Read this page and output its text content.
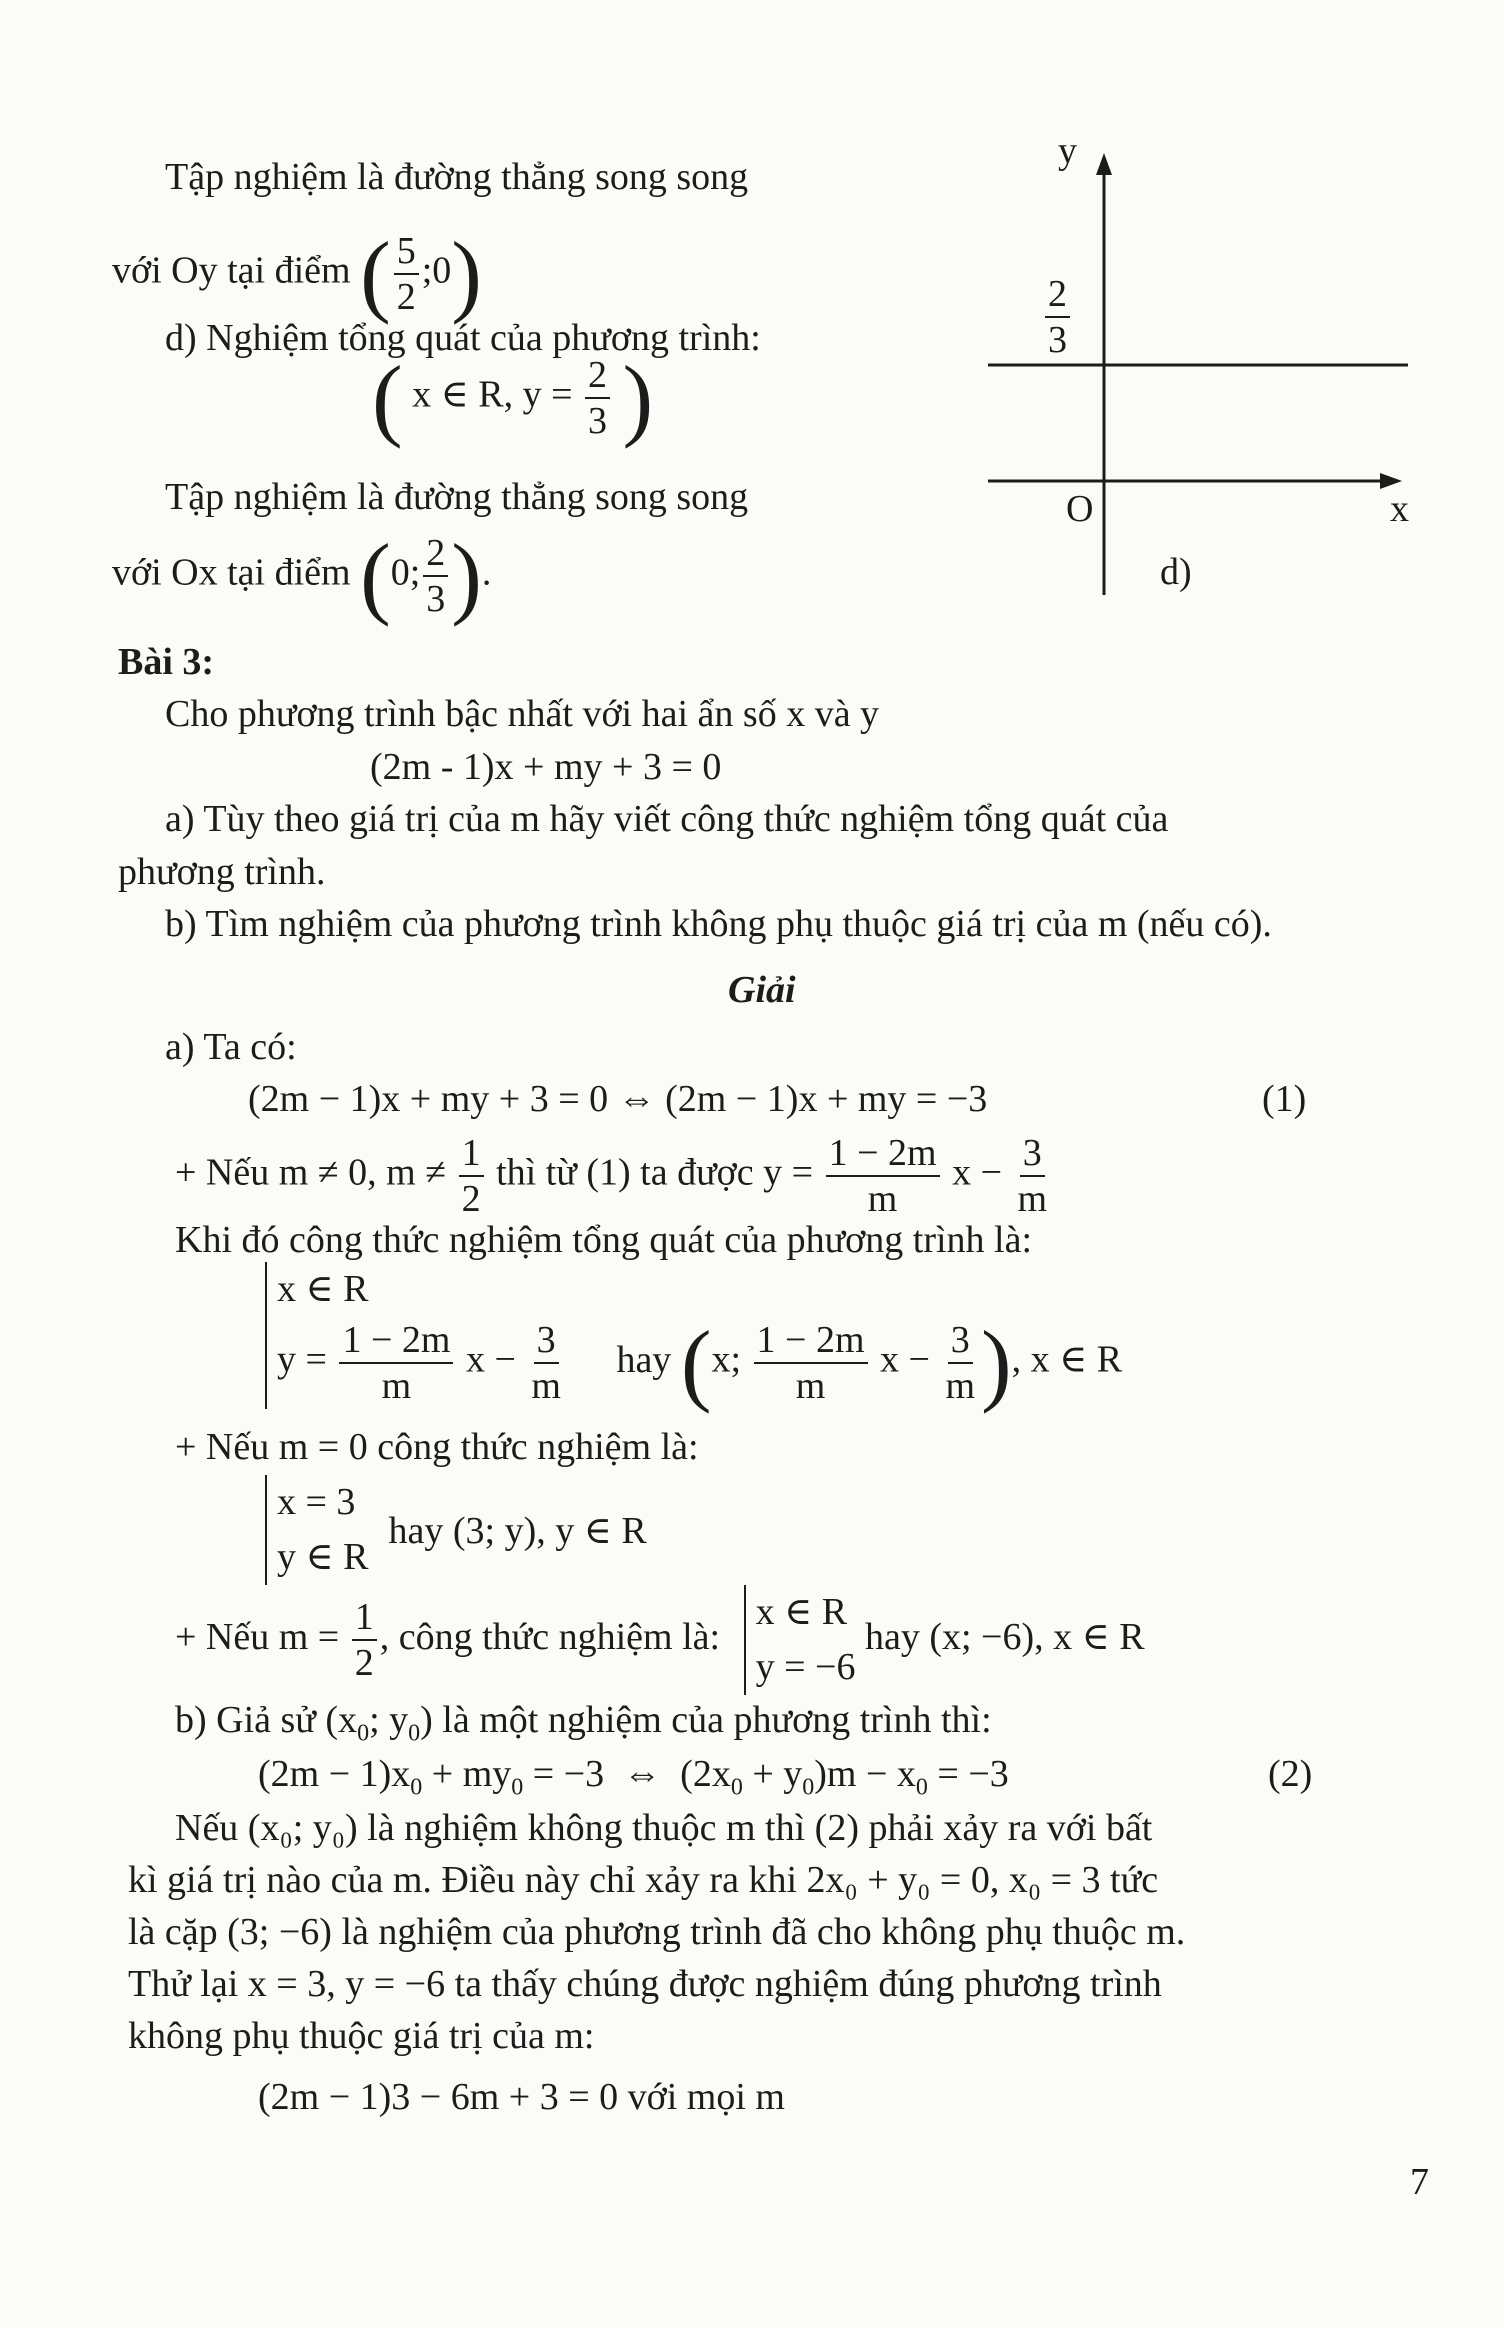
Tập nghiệm là đường thẳng song song
với Oy tại điểm ( $\frac{5}{2}$ ;0)
d) Nghiệm tổng quát của phương trình:
( x ∈ R, $y = \frac{2}{3}$ )
Tập nghiệm là đường thẳng song song
với Ox tại điểm (0; $\frac{2}{3}$ ).
y
x
O
$\frac{2}{3}$
d)
Bài 3:
Cho phương trình bậc nhất với hai ẩn số x và y
(2m - 1)x + my + 3 = 0
a) Tùy theo giá trị của m hãy viết công thức nghiệm tổng quát của
phương trình.
b) Tìm nghiệm của phương trình không phụ thuộc giá trị của m (nếu có).
Giải
a) Ta có:
(2m − 1)x + my + 3 = 0 ⇔ (2m − 1)x + my = −3	(1)
+ Nếu m ≠ 0, $m \ne \frac{1}{2}$ thì từ (1) ta được $y = \frac{1 - 2m}{m}$ $x - \frac{3}{m}$
Khi đó công thức nghiệm tổng quát của phương trình là:
x ∈ R
$y = \frac{1 - 2m}{m}$ $x - \frac{3}{m}$ hay (x; $\frac{1 - 2m}{m}$ $x - \frac{3}{m}$ ), x ∈ R
+ Nếu m = 0 công thức nghiệm là:
x = 3
y ∈ R
hay (3; y), y ∈ R
+ Nếu $m = \frac{1}{2}$ , công thức nghiệm là:
x ∈ R
y = −6
hay (x; −6), x ∈ R
b) Giả sử ($x_0$; $y_0$) là một nghiệm của phương trình thì:
$(2m - 1)x_0 + my_0 = -3$  ⇔  $(2x_0 + y_0)m - x_0 = -3$	(2)
Nếu (x₀; y₀) là nghiệm không thuộc m thì (2) phải xảy ra với bất
kì giá trị nào của m. Điều này chỉ xảy ra khi 2x₀ + y₀ = 0, x₀ = 3 tức
là cặp (3; −6) là nghiệm của phương trình đã cho không phụ thuộc m.
Thử lại x = 3, y = −6 ta thấy chúng được nghiệm đúng phương trình
không phụ thuộc giá trị của m:
(2m − 1)3 − 6m + 3 = 0 với mọi m
7
